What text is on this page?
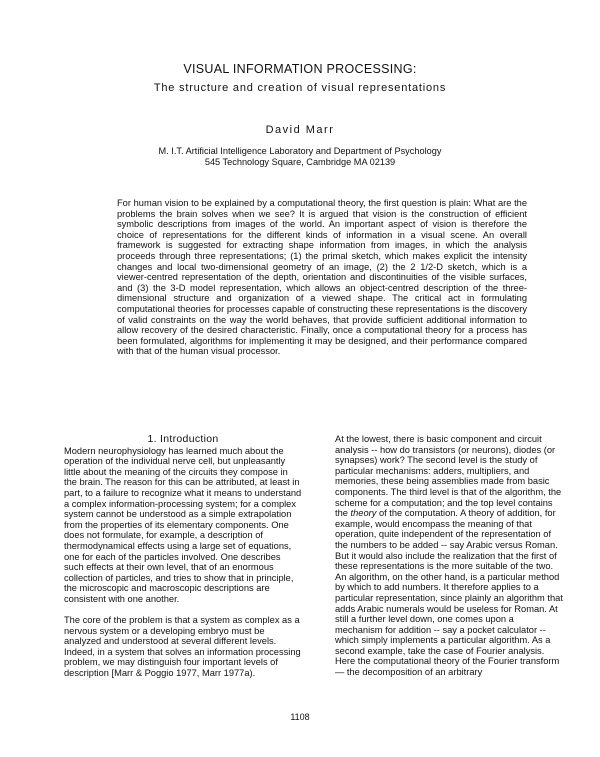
VISUAL INFORMATION PROCESSING:
The structure and creation of visual representations
David Marr
M. I.T. Artificial Intelligence Laboratory and Department of Psychology
545 Technology Square, Cambridge MA 02139
For human vision to be explained by a computational theory, the first question is plain: What are the problems the brain solves when we see? It is argued that vision is the construction of efficient symbolic descriptions from images of the world. An important aspect of vision is therefore the choice of representations for the different kinds of information in a visual scene. An overall framework is suggested for extracting shape information from images, in which the analysis proceeds through three representations; (1) the primal sketch, which makes explicit the intensity changes and local two-dimensional geometry of an image, (2) the 2 1/2-D sketch, which is a viewer-centred representation of the depth, orientation and discontinuities of the visible surfaces, and (3) the 3-D model representation, which allows an object-centred description of the three-dimensional structure and organization of a viewed shape. The critical act in formulating computational theories for processes capable of constructing these representations is the discovery of valid constraints on the way the world behaves, that provide sufficient additional information to allow recovery of the desired characteristic. Finally, once a computational theory for a process has been formulated, algorithms for implementing it may be designed, and their performance compared with that of the human visual processor.
1. Introduction

Modern neurophysiology has learned much about the operation of the individual nerve cell, but unpleasantly little about the meaning of the circuits they compose in the brain. The reason for this can be attributed, at least in part, to a failure to recognize what it means to understand a complex information-processing system; for a complex system cannot be understood as a simple extrapolation from the properties of its elementary components. One does not formulate, for example, a description of thermodynamical effects using a large set of equations, one for each of the particles involved. One describes such effects at their own level, that of an enormous collection of particles, and tries to show that in principle, the microscopic and macroscopic descriptions are consistent with one another.

The core of the problem is that a system as complex as a nervous system or a developing embryo must be analyzed and understood at several different levels. Indeed, in a system that solves an information processing problem, we may distinguish four important levels of description [Marr & Poggio 1977, Marr 1977a).

At the lowest, there is basic component and circuit analysis -- how do transistors (or neurons), diodes (or synapses) work? The second level is the study of particular mechanisms: adders, multipliers, and memories, these being assemblies made from basic components. The third level is that of the algorithm, the scheme for a computation; and the top level contains the theory of the computation. A theory of addition, for example, would encompass the meaning of that operation, quite independent of the representation of the numbers to be added -- say Arabic versus Roman. But it would also include the realization that the first of these representations is the more suitable of the two. An algorithm, on the other hand, is a particular method by which to add numbers. It therefore applies to a particular representation, since plainly an algorithm that adds Arabic numerals would be useless for Roman. At still a further level down, one comes upon a mechanism for addition -- say a pocket calculator -- which simply implements a particular algorithm. As a second example, take the case of Fourier analysis. Here the computational theory of the Fourier transform — the decomposition of an arbitrary

1108
